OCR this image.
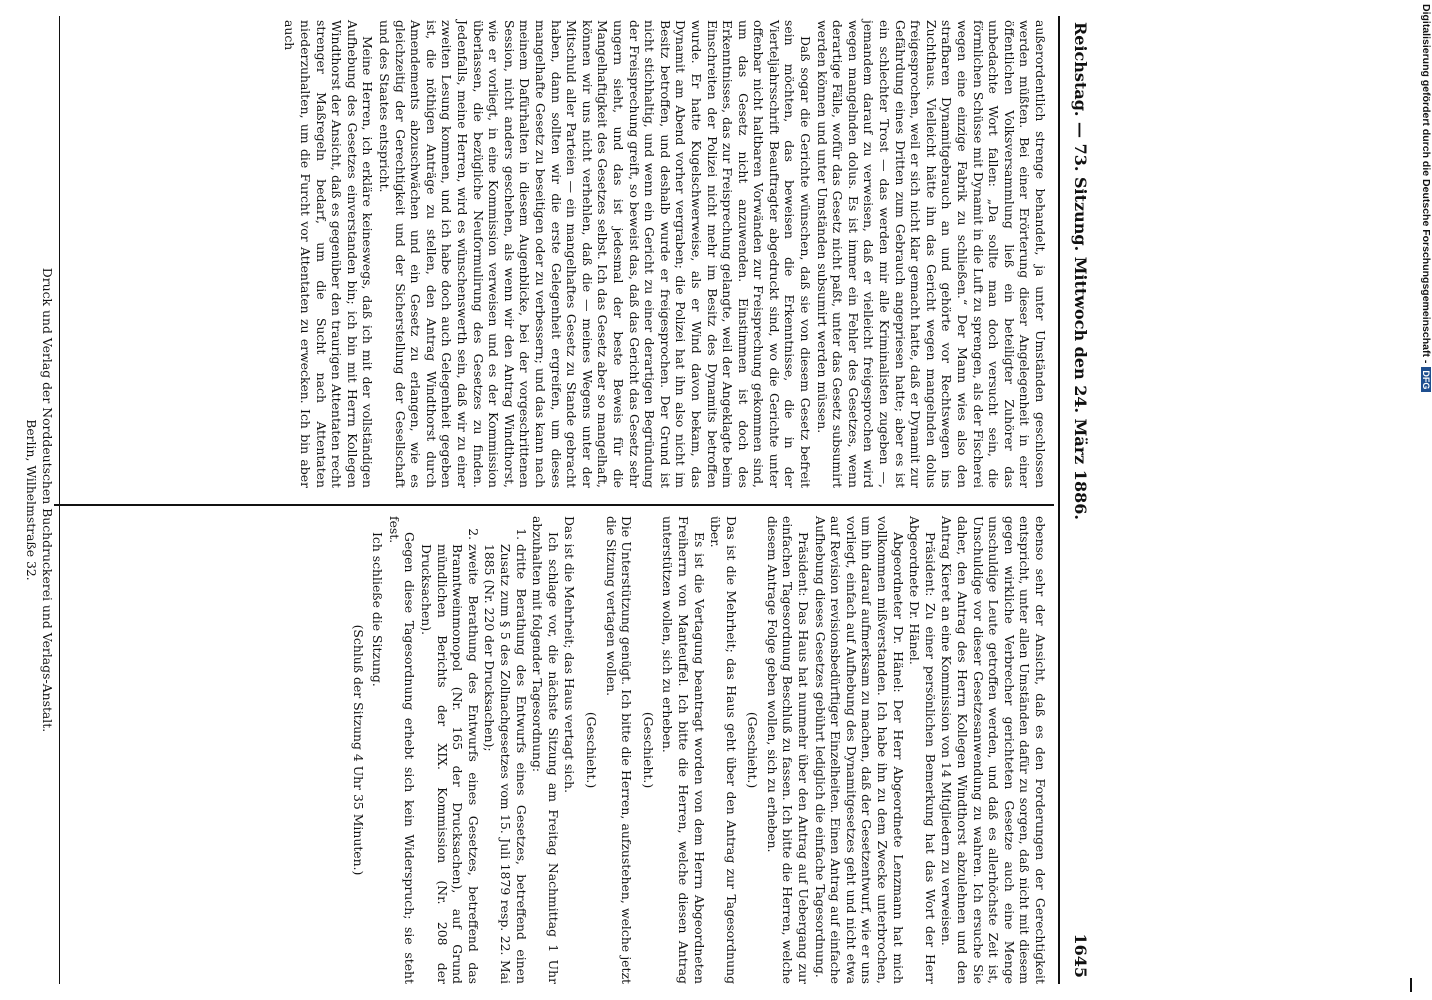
Reichstag. — 73. Sitzung. Mittwoch den 24. März 1886.
1645

außerordentlich strenge behandelt, ja unter Umständen geschlossen werden müßten. Bei einer Erörterung dieser Angelegenheit in einer öffentlichen Volksversammlung ließ ein beteiligter Zuhörer das unbedachte Wort fallen: „Da sollte man doch versucht sein, die förmlichen Schüsse mit Dynamit in die Luft zu sprengen, als der Fischerei wegen eine einzige Fabrik zu schließen.“ Der Mann wies also den strafbaren Dynamitgebrauch an und gehörte vor Rechtswegen ins Zuchthaus. Vielleicht hätte ihn das Gericht wegen mangelnden dolus freigesprochen, weil er sich nicht klar gemacht hatte, daß er Dynamit zur Gefährdung eines Dritten zum Gebrauch angepriesen hatte; aber es ist ein schlechter Trost — das werden mir alle Kriminalisten zugeben —, jemandem darauf zu verweisen, daß er vielleicht freigesprochen wird wegen mangelnden dolus. Es ist immer ein Fehler des Gesetzes, wenn derartige Fälle, wofür das Gesetz nicht paßt, unter das Gesetz subsumirt werden können und unter Umständen subsumirt werden müssen.

Daß sogar die Gerichte wünschen, daß sie von diesem Gesetz befreit sein möchten, das beweisen die Erkenntnisse, die in der Vierteljahrsschrift Beauftragter abgedruckt sind, wo die Gerichte unter offenbar nicht haltbaren Vorwänden zur Freisprechung gekommen sind, um das Gesetz nicht anzuwenden. Einstimmen ist doch des Erkenntnisses, das zur Freisprechung gelangte, weil der Angeklagte beim Einschreiten der Polizei nicht mehr im Besitz des Dynamits betroffen wurde. Er hatte Kugelschwerweise, als er Wind davon bekam, das Dynamit am Abend vorher vergraben; die Polizei hat ihn also nicht im Besitz betroffen, und deshalb wurde er freigesprochen. Der Grund ist nicht stichhaltig, und wenn ein Gericht zu einer derartigen Begründung der Freisprechung greift, so beweist das, daß das Gericht das Gesetz sehr ungern sieht, und das ist jedesmal der beste Beweis für die Mangelhaftigkeit des Gesetzes selbst. Ich das Gesetz aber so mangelhaft, können wir uns nicht verhehlen, daß die — meines Wegens unter der Mitschuld aller Parteien — ein mangelhaftes Gesetz zu Stande gebracht haben, dann sollten wir die erste Gelegenheit ergreifen, um dieses mangelhafte Gesetz zu beseitigen oder zu verbessern; und das kann nach meinem Dafürhalten in diesem Augenblicke, bei der vorgeschrittenen Session, nicht anders geschehen, als wenn wir den Antrag Windthorst, wie er vorliegt, in eine Kommission verweisen und es der Kommission überlassen, die bezügliche Neuformulirung des Gesetzes zu finden. Jedenfalls, meine Herren, wird es wünschenswerth sein, daß wir zu einer zweiten Lesung kommen, und ich habe doch auch Gelegenheit gegeben ist, die nöthigen Anträge zu stellen, den Antrag Windthorst durch Amendements abzuschwächen und ein Gesetz zu erlangen, wie es gleichzeitig der Gerechtigkeit und der Sicherstellung der Gesellschaft und des Staates entspricht.

Meine Herren, ich erkläre keineswegs, daß ich mit der vollständigen Aufhebung des Gesetzes einverstanden bin; ich bin mit Herrn Kollegen Windthorst der Ansicht, daß es gegenüber den traurigen Attentaten recht strenger Maßregeln bedarf, um die Sucht nach Attentaten niederzuhalten, um die Furcht vor Attentaten zu erwecken. Ich bin aber auch

ebenso sehr der Ansicht, daß es den Forderungen der Gerechtigkeit entspricht, unter allen Umständen dafür zu sorgen, daß nicht mit diesem gegen wirkliche Verbrecher gerichteten Gesetze auch eine Menge unschuldige Leute getroffen werden, und daß es allerhöchste Zeit ist, Unschuldige vor dieser Gesetzesanwendung zu wahren. Ich ersuche Sie daher, den Antrag des Herrn Kollegen Windthorst abzulehnen und den Antrag Kieret an eine Kommission von 14 Mitgliedern zu verweisen.

Präsident: Zu einer persönlichen Bemerkung hat das Wort der Herr Abgeordnete Dr. Hänel.

Abgeordneter Dr. Hänel: Der Herr Abgeordnete Lenzmann hat mich vollkommen mißverstanden. Ich habe ihn zu dem Zwecke unterbrochen, um ihn darauf aufmerksam zu machen, daß der Gesetzentwurf, wie er uns vorliegt, einfach auf Aufhebung des Dynamitgesetzes geht und nicht etwa auf Revision revisionsbedürftiger Einzelheiten. Einen Antrag auf einfache Aufhebung dieses Gesetzes gebührt lediglich die einfache Tagesordnung.

Präsident: Das Haus hat nunmehr über den Antrag auf Uebergang zur einfachen Tagesordnung Beschluß zu fassen. Ich bitte die Herren, welche diesem Antrage Folge geben wollen, sich zu erheben.

(Geschieht.)

Das ist die Mehrheit; das Haus geht über den Antrag zur Tagesordnung über.

Es ist die Vertagung beantragt worden von dem Herrn Abgeordneten Freiherrn von Manteuffel. Ich bitte die Herren, welche diesen Antrag unterstützen wollen, sich zu erheben.

(Geschieht.)

Die Unterstützung genügt. Ich bitte die Herren, aufzustehen, welche jetzt die Sitzung vertagen wollen.

(Geschieht.)

Das ist die Mehrheit; das Haus vertagt sich.

Ich schlage vor, die nächste Sitzung am Freitag Nachmittag 1 Uhr abzuhalten mit folgender Tagesordnung:

1. dritte Berathung des Entwurfs eines Gesetzes, betreffend einen Zusatz zum § 5 des Zollnachgesetzes vom 15. Juli 1879 resp. 22. Mai 1885 (Nr. 220 der Drucksachen);
2. zweite Berathung des Entwurfs eines Gesetzes, betreffend das Branntweinmonopol (Nr. 165 der Drucksachen), auf Grund mündlichen Berichts der XIX. Kommission (Nr. 208 der Drucksachen).

Gegen diese Tagesordnung erhebt sich kein Widerspruch; sie steht fest.

Ich schließe die Sitzung.

(Schluß der Sitzung 4 Uhr 35 Minuten.)

Druck und Verlag der Norddeutschen Buchdruckerei und Verlags-Anstalt.
Berlin, Wilhelmstraße 32.
Digitalisierung gefördert durch die Deutsche Forschungsgemeinschaft -DFG
